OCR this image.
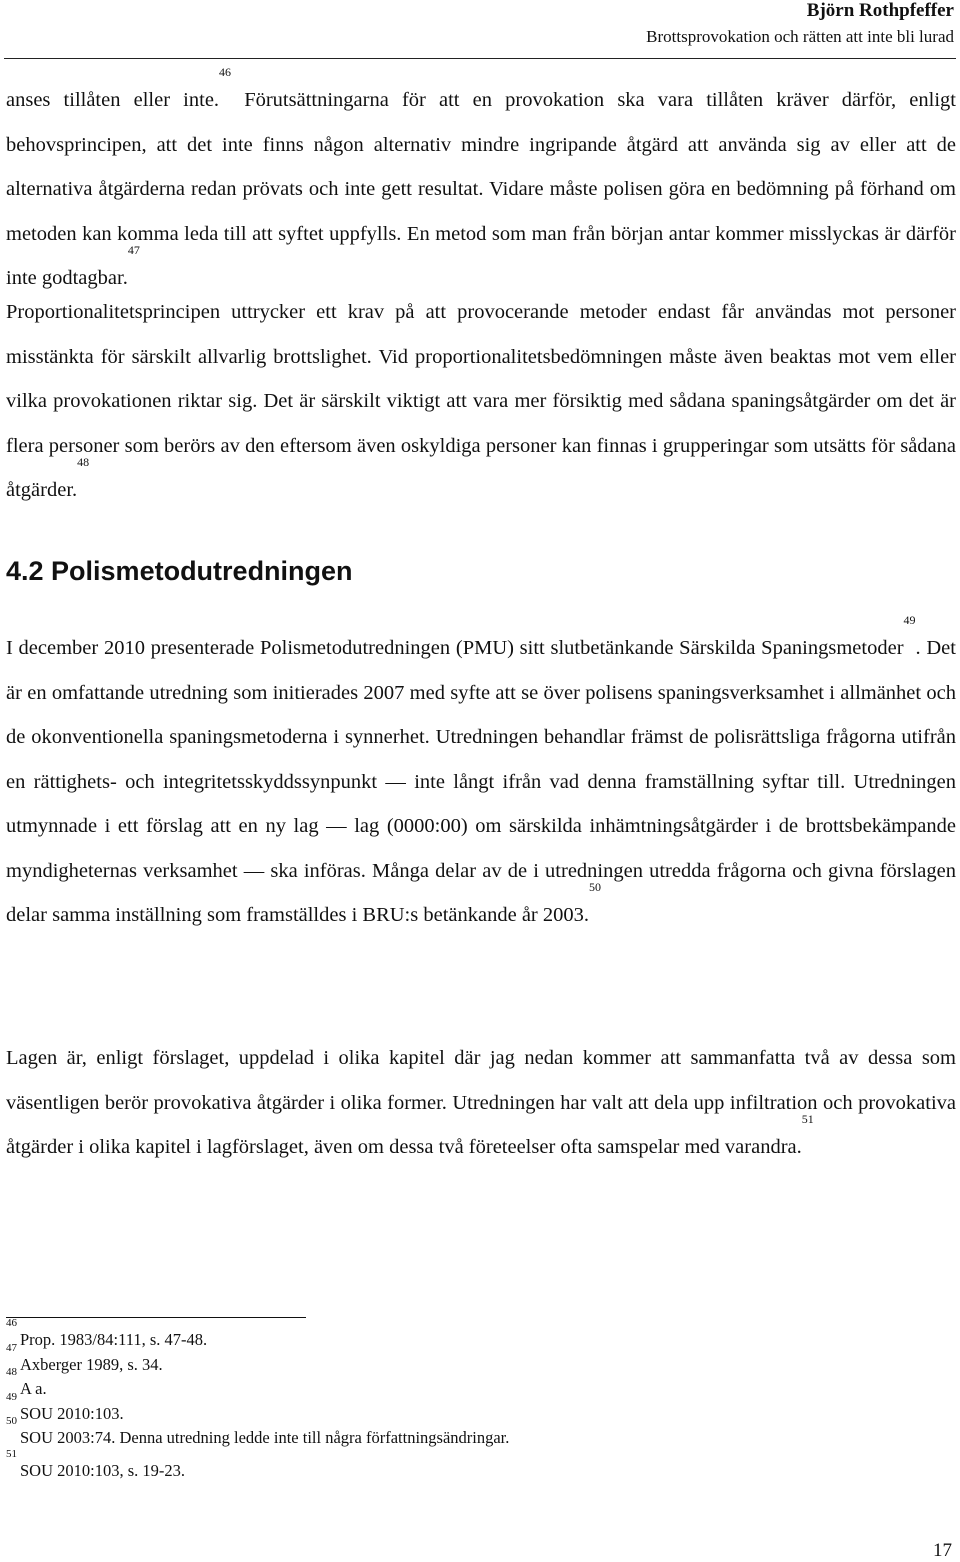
Björn Rothpfeffer
Brottsprovokation och rätten att inte bli lurad

anses tillåten eller inte.$^{46}$ Förutsättningarna för att en provokation ska vara tillåten kräver därför, enligt behovsprincipen, att det inte finns någon alternativ mindre ingripande åtgärd att använda sig av eller att de alternativa åtgärderna redan prövats och inte gett resultat. Vidare måste polisen göra en bedömning på förhand om metoden kan komma leda till att syftet uppfylls. En metod som man från början antar kommer misslyckas är därför inte godtagbar.$^{47}$

Proportionalitetsprincipen uttrycker ett krav på att provocerande metoder endast får användas mot personer misstänkta för särskilt allvarlig brottslighet. Vid proportionalitetsbedömningen måste även beaktas mot vem eller vilka provokationen riktar sig. Det är särskilt viktigt att vara mer försiktig med sådana spaningsåtgärder om det är flera personer som berörs av den eftersom även oskyldiga personer kan finnas i grupperingar som utsätts för sådana åtgärder.$^{48}$

4.2 Polismetodutredningen

I december 2010 presenterade Polismetodutredningen (PMU) sitt slutbetänkande Särskilda Spaningsmetoder$^{49}$. Det är en omfattande utredning som initierades 2007 med syfte att se över polisens spaningsverksamhet i allmänhet och de okonventionella spaningsmetoderna i synnerhet. Utredningen behandlar främst de polisrättsliga frågorna utifrån en rättighets- och integritetsskyddssynpunkt — inte långt ifrån vad denna framställning syftar till. Utredningen utmynnade i ett förslag att en ny lag — lag (0000:00) om särskilda inhämtningsåtgärder i de brottsbekämpande myndigheternas verksamhet — ska införas. Många delar av de i utredningen utredda frågorna och givna förslagen delar samma inställning som framställdes i BRU:s betänkande år 2003.50

Lagen är, enligt förslaget, uppdelad i olika kapitel där jag nedan kommer att sammanfatta två av dessa som väsentligen berör provokativa åtgärder i olika former. Utredningen har valt att dela upp infiltration och provokativa åtgärder i olika kapitel i lagförslaget, även om dessa två företeelser ofta samspelar med varandra.$^{51}$

$^{46}$Prop. 1983/84:111, s. 47-48.
$^{47}$Axberger 1989, s. 34.
$^{48}$A a.
$^{49}$SOU 2010:103.
$^{50}$SOU 2003:74. Denna utredning ledde inte till några författningsändringar.
$^{51}$SOU 2010:103, s. 19-23.
17
